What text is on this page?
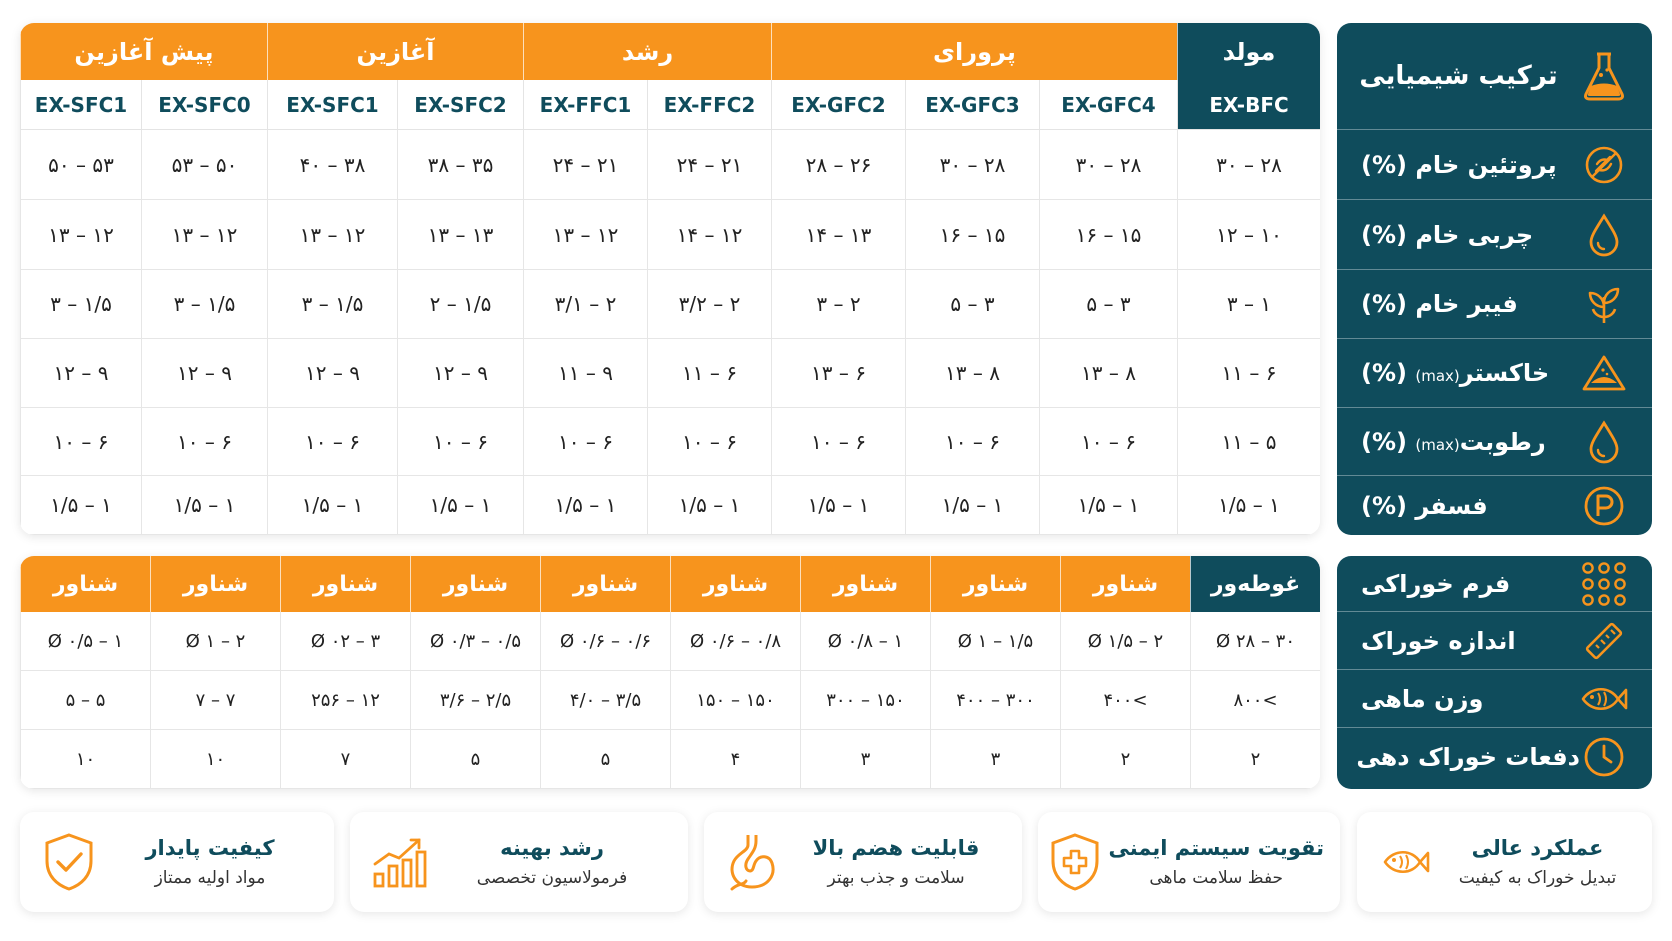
مولد
پرورای
رشد
آغازین
پیش آغازین
EX-BFC
EX-GFC4
EX-GFC3
EX-GFC2
EX-FFC2
EX-FFC1
EX-SFC2
EX-SFC1
EX-SFC0
EX-SFC1
۲۸ – ۳۰
۲۸ – ۳۰
۲۸ – ۳۰
۲۶ – ۲۸
۲۱ – ۲۴
۲۱ – ۲۴
۳۵ – ۳۸
۳۸ – ۴۰
۵۰ – ۵۳
۵۳ – ۵۰
۱۰ – ۱۲
۱۵ – ۱۶
۱۵ – ۱۶
۱۳ – ۱۴
۱۲ – ۱۴
۱۲ – ۱۳
۱۳ – ۱۳
۱۲ – ۱۳
۱۲ – ۱۳
۱۲ – ۱۳
۱ – ۳
۳ – ۵
۳ – ۵
۲ – ۳
۲ – ۳/۲
۲ – ۳/۱
۱/۵ – ۲
۱/۵ – ۳
۱/۵ – ۳
۱/۵ – ۳
۶ – ۱۱
۸ – ۱۳
۸ – ۱۳
۶ – ۱۳
۶ – ۱۱
۹ – ۱۱
۹ – ۱۲
۹ – ۱۲
۹ – ۱۲
۹ – ۱۲
۵ – ۱۱
۶ – ۱۰
۶ – ۱۰
۶ – ۱۰
۶ – ۱۰
۶ – ۱۰
۶ – ۱۰
۶ – ۱۰
۶ – ۱۰
۶ – ۱۰
۱ – ۱/۵
۱ – ۱/۵
۱ – ۱/۵
۱ – ۱/۵
۱ – ۱/۵
۱ – ۱/۵
۱ – ۱/۵
۱ – ۱/۵
۱ – ۱/۵
۱ – ۱/۵
ترکیب شیمیایی
پروتئین خام (%)
چربی خام (%)
فیبر خام (%)
خاکستر(max) (%)
رطوبت(max) (%)
فسفر (%)
غوطه‌ور
شناور
شناور
شناور
شناور
شناور
شناور
شناور
شناور
شناور
Ø ۲۸ – ۳۰
Ø ۱/۵ – ۲
Ø ۱ – ۱/۵
Ø ۰/۸ – ۱
Ø ۰/۶ – ۰/۸
Ø ۰/۶ – ۰/۶
Ø ۰/۳ – ۰/۵
Ø ۰۲ – ۳
Ø ۱ – ۲
Ø ۰/۵ – ۱
>۸۰۰
>۴۰۰
۳۰۰ – ۴۰۰
۱۵۰ – ۳۰۰
۱۵۰ – ۱۵۰
۳/۵ – ۴/۰
۲/۵ – ۳/۶
۱۲ – ۲۵۶
۷ – ۷
۵ – ۵
۲
۲
۳
۳
۴
۵
۵
۷
۱۰
۱۰
فرم خوراکی
اندازه خوراک
وزن ماهی
دفعات خوراک دهی
عملکرد عالی
تبدیل خوراک به کیفیت
تقویت سیستم ایمنی
حفظ سلامت ماهی
قابلیت هضم بالا
سلامت و جذب بهتر
رشد بهینه
فرمولاسیون تخصصی
کیفیت پایدار
مواد اولیه ممتاز
